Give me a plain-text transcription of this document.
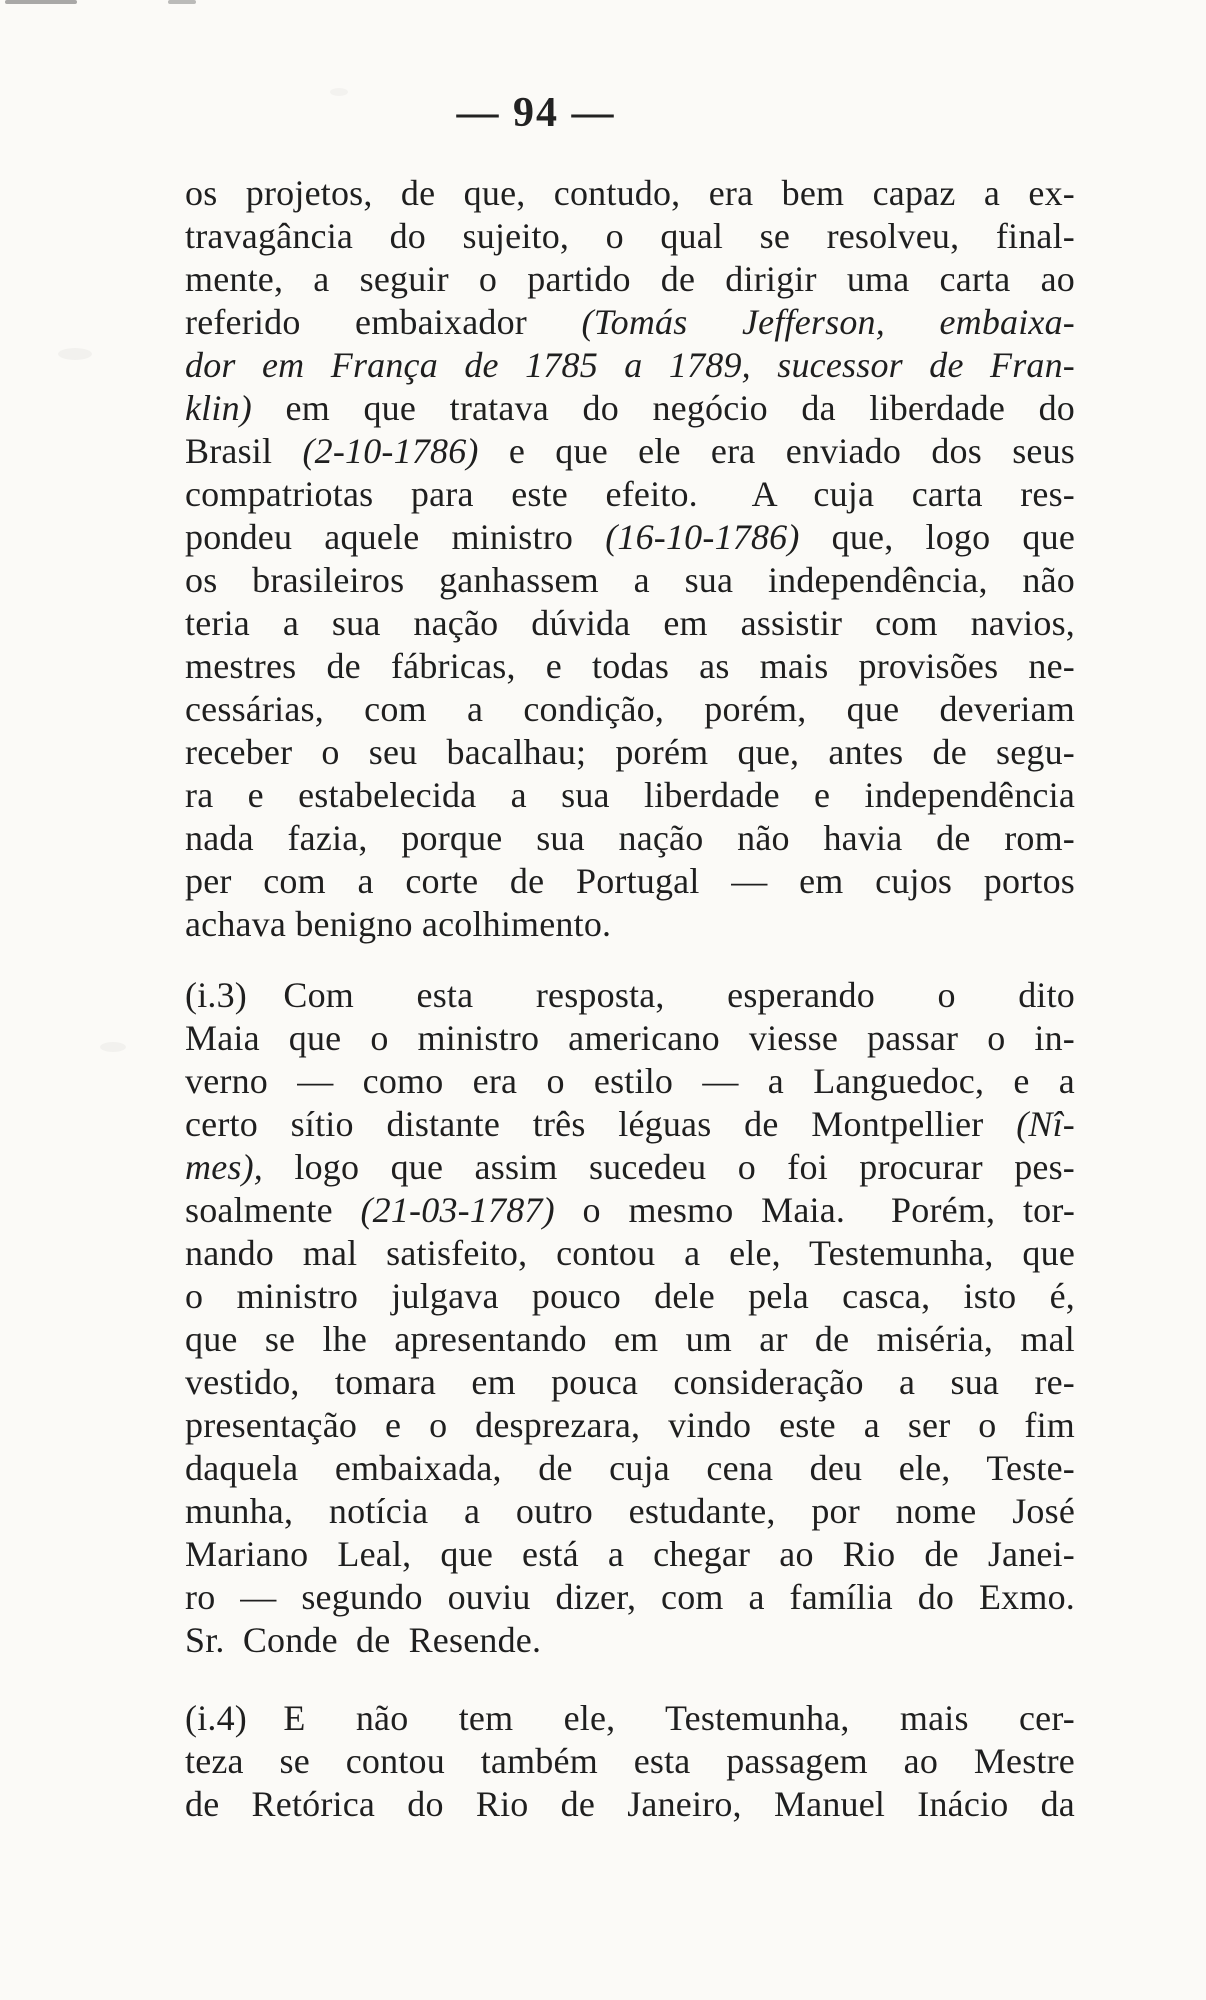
— 94 —
os projetos, de que, contudo, era bem capaz a ex-
travagância do sujeito, o qual se resolveu, final-
mente, a seguir o partido de dirigir uma carta ao
referido embaixador (Tomás Jefferson, embaixa-
dor em França de 1785 a 1789, sucessor de Fran-
klin) em que tratava do negócio da liberdade do
Brasil (2-10-1786) e que ele era enviado dos seus
compatriotas para este efeito.  A cuja carta res-
pondeu aquele ministro (16-10-1786) que, logo que
os brasileiros ganhassem a sua independência, não
teria a sua nação dúvida em assistir com navios,
mestres de fábricas, e todas as mais provisões ne-
cessárias, com a condição, porém, que deveriam
receber o seu bacalhau; porém que, antes de segu-
ra e estabelecida a sua liberdade e independência
nada fazia, porque sua nação não havia de rom-
per com a corte de Portugal — em cujos portos
achava benigno acolhimento.
(i.3)  Com esta resposta, esperando o dito
Maia que o ministro americano viesse passar o in-
verno — como era o estilo — a Languedoc, e a
certo sítio distante três léguas de Montpellier (Nî-
mes), logo que assim sucedeu o foi procurar pes-
soalmente (21-03-1787) o mesmo Maia.  Porém, tor-
nando mal satisfeito, contou a ele, Testemunha, que
o ministro julgava pouco dele pela casca, isto é,
que se lhe apresentando em um ar de miséria, mal
vestido, tomara em pouca consideração a sua re-
presentação e o desprezara, vindo este a ser o fim
daquela embaixada, de cuja cena deu ele, Teste-
munha, notícia a outro estudante, por nome José
Mariano Leal, que está a chegar ao Rio de Janei-
ro — segundo ouviu dizer, com a família do Exmo.
Sr. Conde de Resende.
(i.4)  E não tem ele, Testemunha, mais cer-
teza se contou também esta passagem ao Mestre
de Retórica do Rio de Janeiro, Manuel Inácio da
